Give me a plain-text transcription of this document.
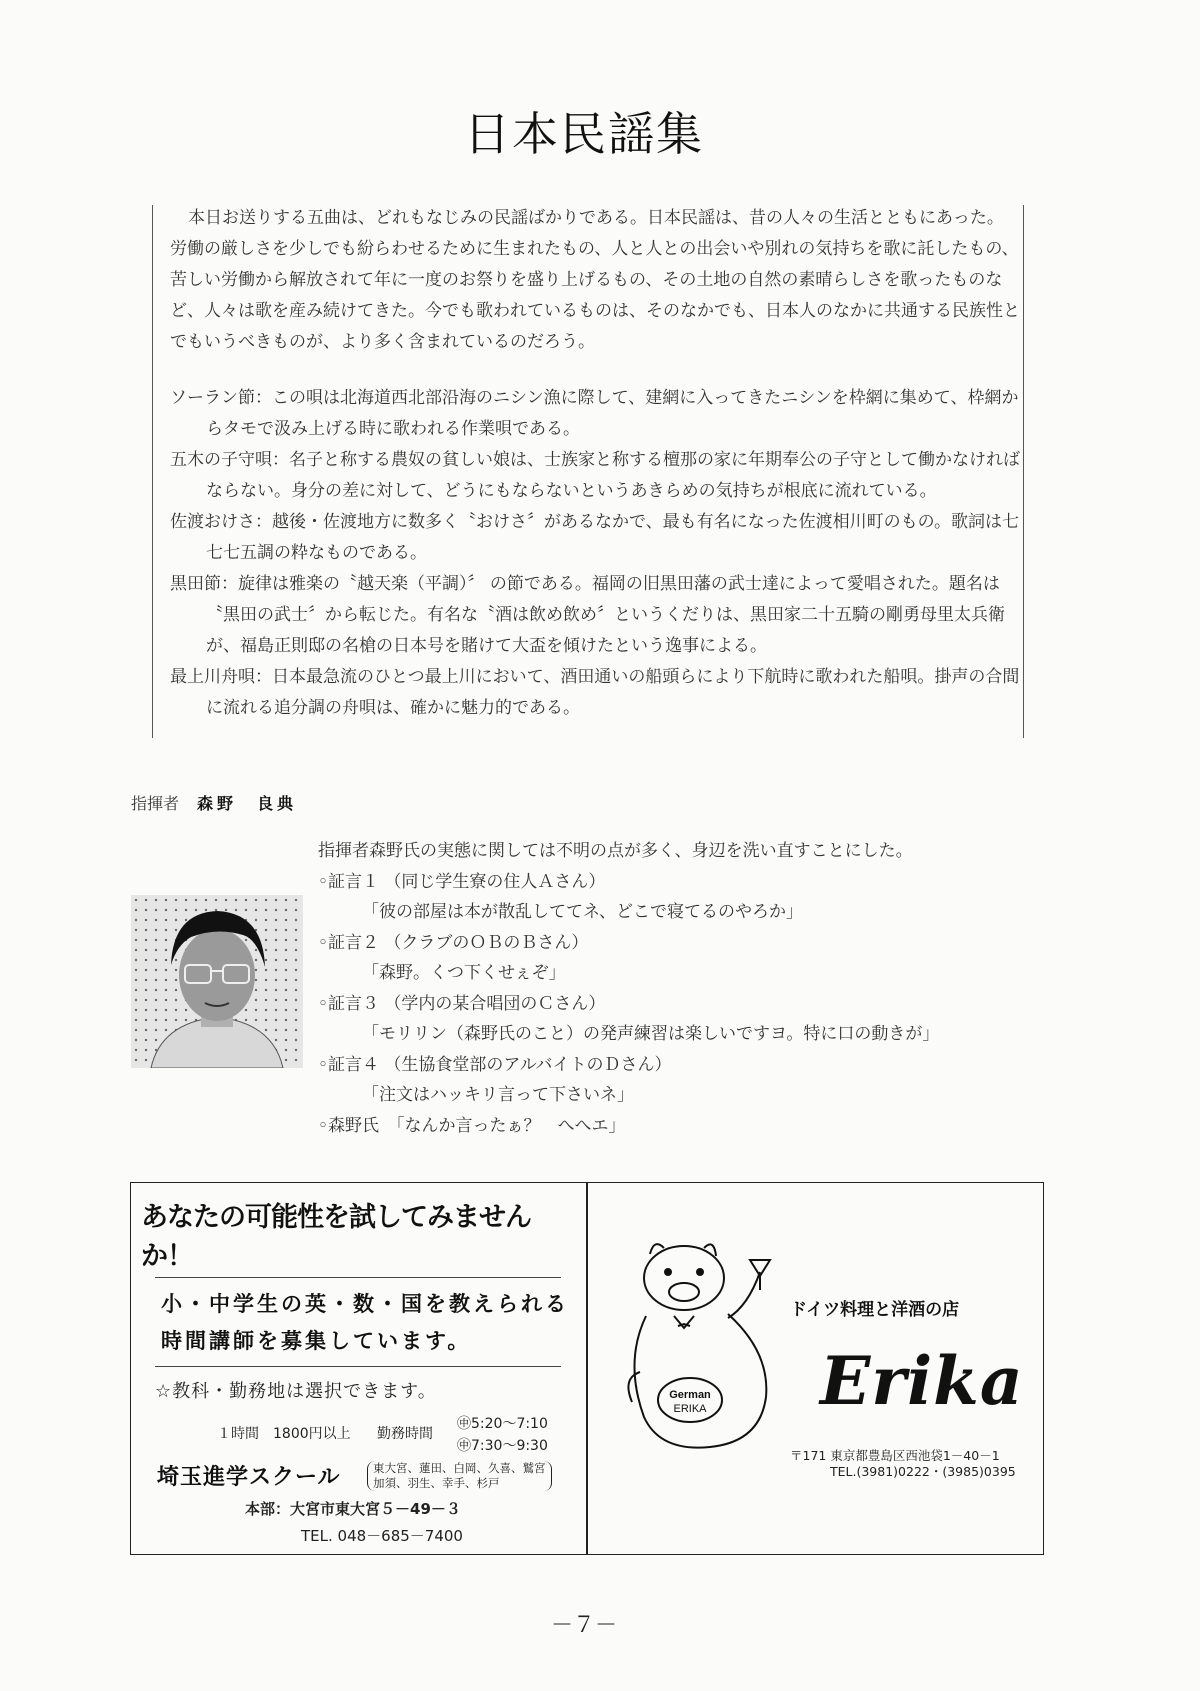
日本民謡集

本日お送りする五曲は、どれもなじみの民謡ばかりである。日本民謡は、昔の人々の生活とともにあった。労働の厳しさを少しでも紛らわせるために生まれたもの、人と人との出会いや別れの気持ちを歌に託したもの、苦しい労働から解放されて年に一度のお祭りを盛り上げるもの、その土地の自然の素晴らしさを歌ったものなど、人々は歌を産み続けてきた。今でも歌われているものは、そのなかでも、日本人のなかに共通する民族性とでもいうべきものが、より多く含まれているのだろう。

ソーラン節：この唄は北海道西北部沿海のニシン漁に際して、建網に入ってきたニシンを枠網に集めて、枠網からタモで汲み上げる時に歌われる作業唄である。
五木の子守唄：名子と称する農奴の貧しい娘は、士族家と称する檀那の家に年期奉公の子守として働かなければならない。身分の差に対して、どうにもならないというあきらめの気持ちが根底に流れている。
佐渡おけさ：越後・佐渡地方に数多く〝おけさ〞があるなかで、最も有名になった佐渡相川町のもの。歌詞は七七七五調の粋なものである。
黒田節：旋律は雅楽の〝越天楽（平調）〞 の節である。福岡の旧黒田藩の武士達によって愛唱された。題名は〝黒田の武士〞から転じた。有名な〝酒は飲め飲め〞というくだりは、黒田家二十五騎の剛勇母里太兵衛が、福島正則邸の名槍の日本号を賭けて大盃を傾けたという逸事による。
最上川舟唄：日本最急流のひとつ最上川において、酒田通いの船頭らにより下航時に歌われた船唄。掛声の合間に流れる追分調の舟唄は、確かに魅力的である。
指揮者 森野　良典

指揮者森野氏の実態に関しては不明の点が多く、身辺を洗い直すことにした。

◦証言１ （同じ学生寮の住人Ａさん）
「彼の部屋は本が散乱しててネ、どこで寝てるのやろか」
◦証言２ （クラブのＯＢのＢさん）
「森野。くつ下くせぇぞ」
◦証言３ （学内の某合唱団のＣさん）
「モリリン（森野氏のこと）の発声練習は楽しいですヨ。特に口の動きが」
◦証言４ （生協食堂部のアルバイトのＤさん）
「注文はハッキリ言って下さいネ」
◦森野氏　「なんか言ったぁ？　へへエ」
あなたの可能性を試してみませんか！
小・中学生の英・数・国を教えられる
時間講師を募集しています。
☆教科・勤務地は選択できます。
１時間　1800円以上 勤務時間
㊥5:20～7:10
㊥7:30～9:30
埼玉進学スクール	東大宮、蓮田、白岡、久喜、鷲宮
加須、羽生、幸手、杉戸
本部：大宮市東大宮５－49－３
TEL. 048－685－7400
German
ERIKA
ドイツ料理と洋酒の店
Erika
〒171 東京都豊島区西池袋1－40－1
TEL.(3981)0222・(3985)0395
－７－
